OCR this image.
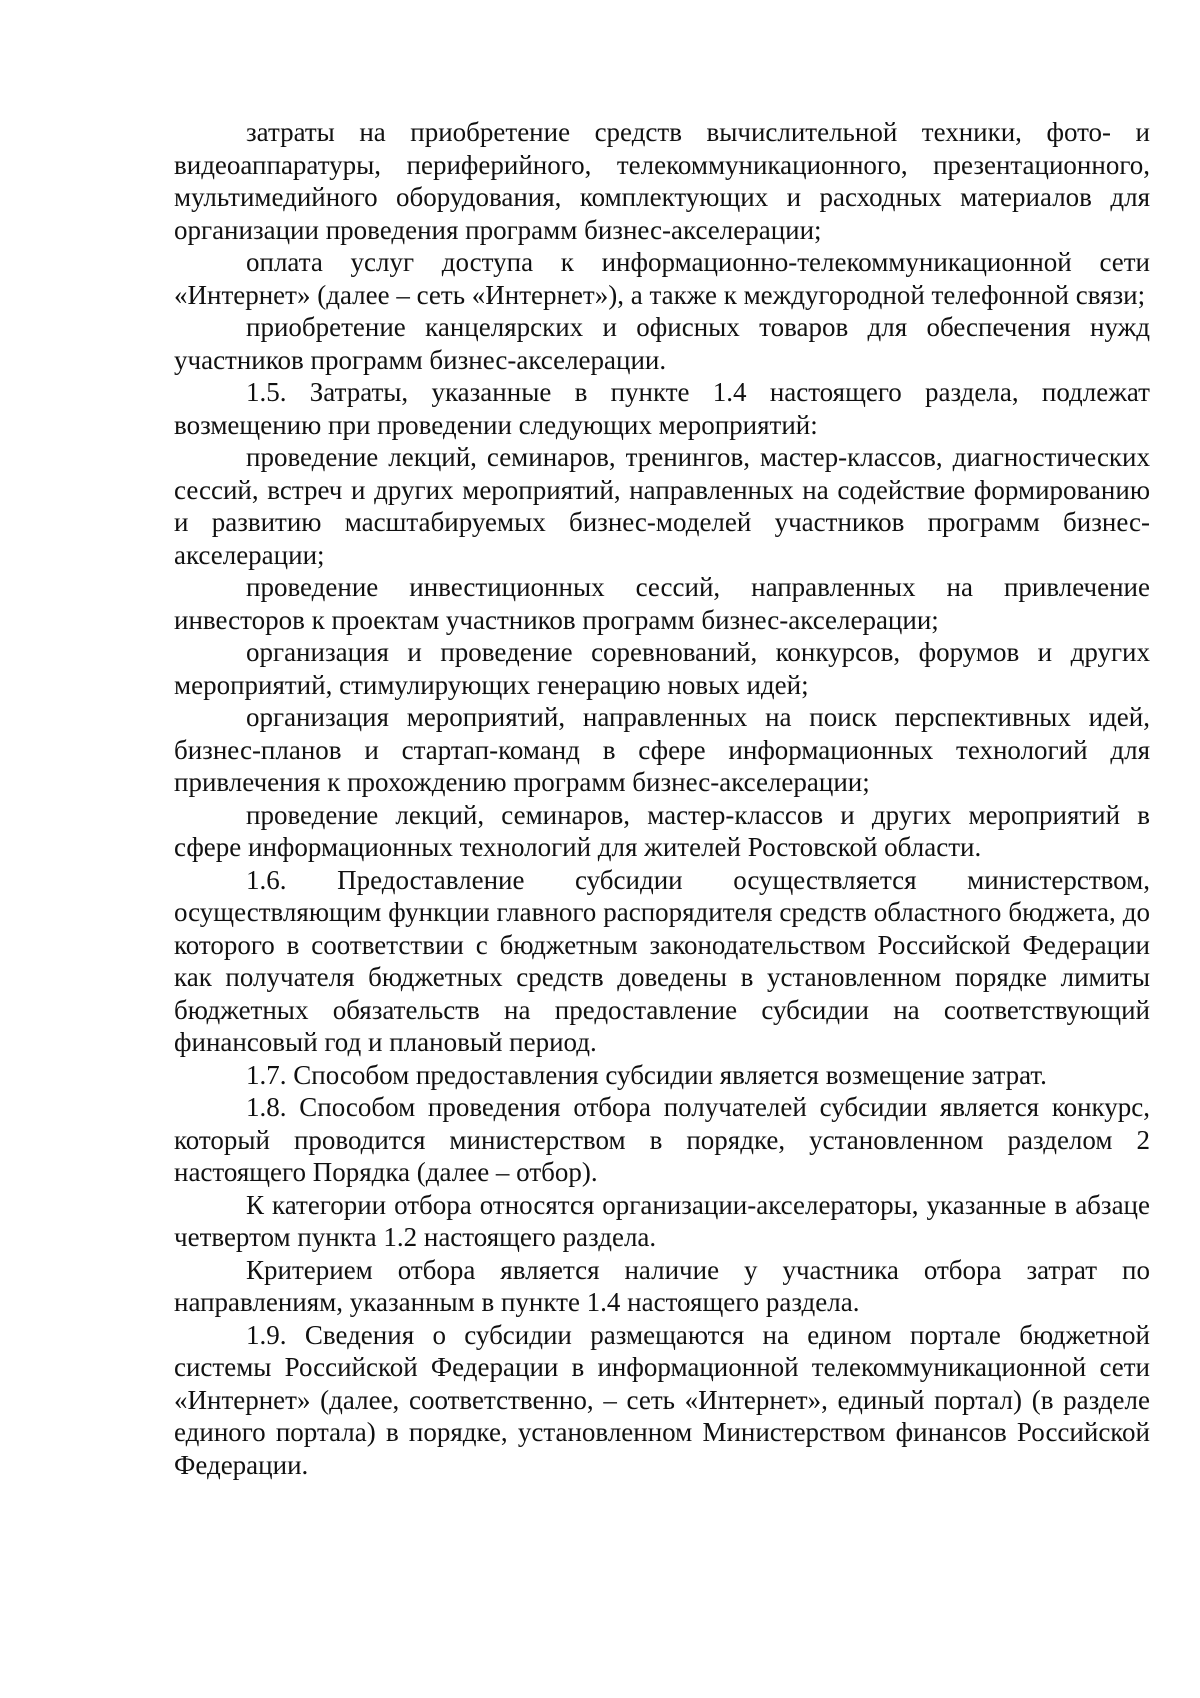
затраты на приобретение средств вычислительной техники, фото- и видеоаппаратуры, периферийного, телекоммуникационного, презентационного, мультимедийного оборудования, комплектующих и расходных материалов для организации проведения программ бизнес-акселерации;

оплата услуг доступа к информационно-телекоммуникационной сети «Интернет» (далее – сеть «Интернет»), а также к междугородной телефонной связи;

приобретение канцелярских и офисных товаров для обеспечения нужд участников программ бизнес-акселерации.

1.5. Затраты, указанные в пункте 1.4 настоящего раздела, подлежат возмещению при проведении следующих мероприятий:

проведение лекций, семинаров, тренингов, мастер-классов, диагностических сессий, встреч и других мероприятий, направленных на содействие формированию и развитию масштабируемых бизнес-моделей участников программ бизнес-акселерации;

проведение инвестиционных сессий, направленных на привлечение инвесторов к проектам участников программ бизнес-акселерации;

организация и проведение соревнований, конкурсов, форумов и других мероприятий, стимулирующих генерацию новых идей;

организация мероприятий, направленных на поиск перспективных идей, бизнес-планов и стартап-команд в сфере информационных технологий для привлечения к прохождению программ бизнес-акселерации;

проведение лекций, семинаров, мастер-классов и других мероприятий в сфере информационных технологий для жителей Ростовской области.

1.6. Предоставление субсидии осуществляется министерством, осуществляющим функции главного распорядителя средств областного бюджета, до которого в соответствии с бюджетным законодательством Российской Федерации как получателя бюджетных средств доведены в установленном порядке лимиты бюджетных обязательств на предоставление субсидии на соответствующий финансовый год и плановый период.

1.7. Способом предоставления субсидии является возмещение затрат.

1.8. Способом проведения отбора получателей субсидии является конкурс, который проводится министерством в порядке, установленном разделом 2 настоящего Порядка (далее – отбор).

К категории отбора относятся организации-акселераторы, указанные в абзаце четвертом пункта 1.2 настоящего раздела.

Критерием отбора является наличие у участника отбора затрат по направлениям, указанным в пункте 1.4 настоящего раздела.

1.9. Сведения о субсидии размещаются на едином портале бюджетной системы Российской Федерации в информационной телекоммуникационной сети «Интернет» (далее, соответственно, – сеть «Интернет», единый портал) (в разделе единого портала) в порядке, установленном Министерством финансов Российской Федерации.
